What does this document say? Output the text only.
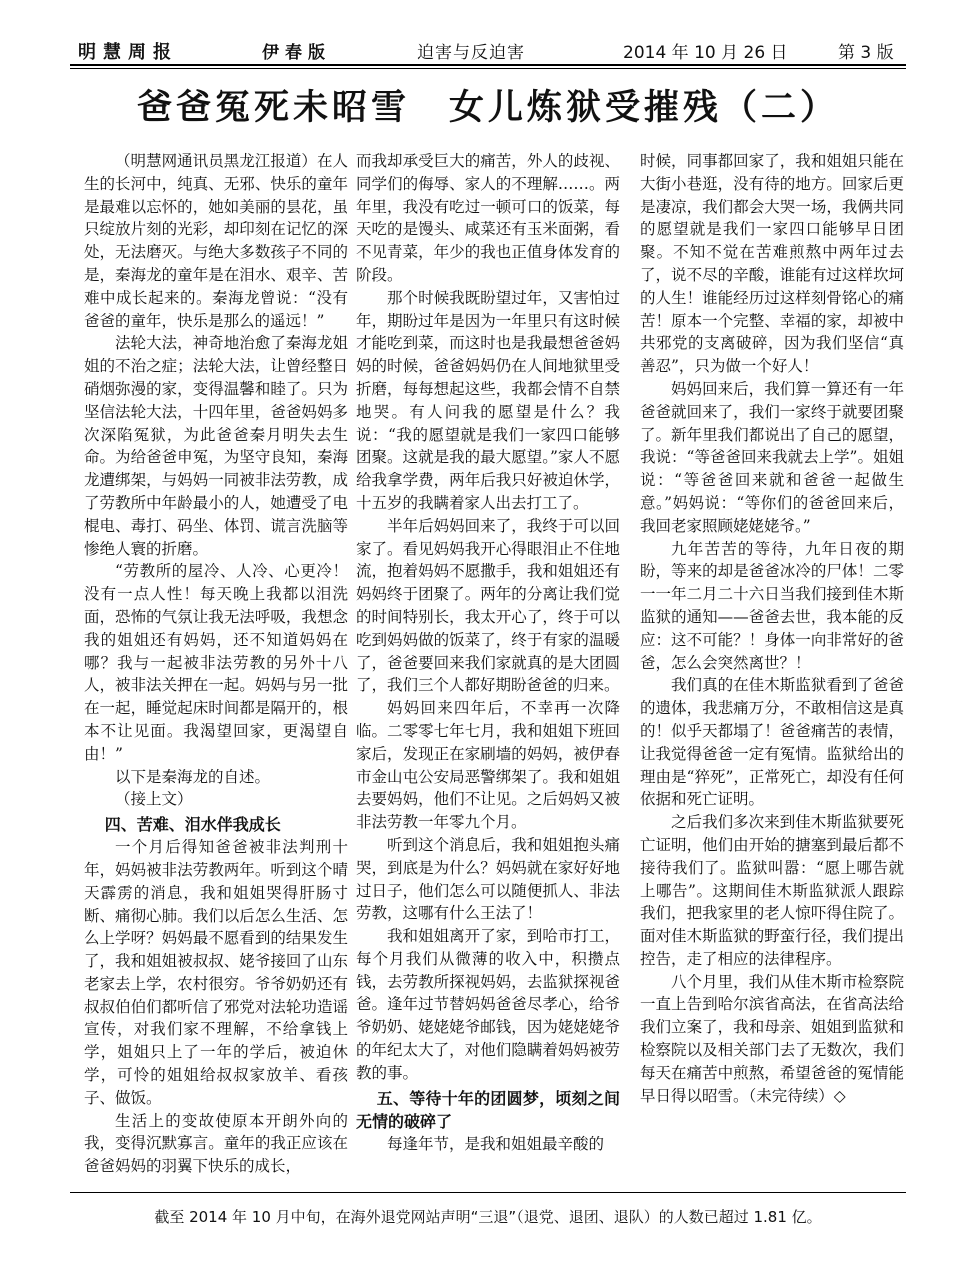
明慧周报	伊春版	迫害与反迫害	2014 年 10 月 26 日	第 3 版
爸爸冤死未昭雪　女儿炼狱受摧残（二）

（明慧网通讯员黑龙江报道）在人生的长河中，纯真、无邪、快乐的童年是最难以忘怀的，她如美丽的昙花，虽只绽放片刻的光彩，却印刻在记忆的深处，无法磨灭。与绝大多数孩子不同的是，秦海龙的童年是在泪水、艰辛、苦难中成长起来的。秦海龙曾说：“没有爸爸的童年，快乐是那么的遥远！”

法轮大法，神奇地治愈了秦海龙姐姐的不治之症；法轮大法，让曾经整日硝烟弥漫的家，变得温馨和睦了。只为坚信法轮大法，十四年里，爸爸妈妈多次深陷冤狱，为此爸爸秦月明失去生命。为给爸爸申冤，为坚守良知，秦海龙遭绑架，与妈妈一同被非法劳教，成了劳教所中年龄最小的人，她遭受了电棍电、毒打、码坐、体罚、谎言洗脑等惨绝人寰的折磨。

“劳教所的屋冷、人冷、心更冷！没有一点人性！每天晚上我都以泪洗面，恐怖的气氛让我无法呼吸，我想念我的姐姐还有妈妈，还不知道妈妈在哪？我与一起被非法劳教的另外十八人，被非法关押在一起。妈妈与另一批在一起，睡觉起床时间都是隔开的，根本不让见面。我渴望回家，更渴望自由！”

以下是秦海龙的自述。

（接上文）

四、苦难、泪水伴我成长

一个月后得知爸爸被非法判刑十年，妈妈被非法劳教两年。听到这个晴天霹雳的消息，我和姐姐哭得肝肠寸断、痛彻心肺。我们以后怎么生活、怎么上学呀？妈妈最不愿看到的结果发生了，我和姐姐被叔叔、姥爷接回了山东老家去上学，农村很穷。爷爷奶奶还有叔叔伯伯们都听信了邪党对法轮功造谣宣传，对我们家不理解，不给拿钱上学，姐姐只上了一年的学后，被迫休学，可怜的姐姐给叔叔家放羊、看孩子、做饭。

生活上的变故使原本开朗外向的我，变得沉默寡言。童年的我正应该在爸爸妈妈的羽翼下快乐的成长，

而我却承受巨大的痛苦，外人的歧视、同学们的侮辱、家人的不理解……。两年里，我没有吃过一顿可口的饭菜，每天吃的是馒头、咸菜还有玉米面粥，看不见青菜，年少的我也正值身体发育的阶段。

那个时候我既盼望过年，又害怕过年，期盼过年是因为一年里只有这时候才能吃到菜，而这时也是我最想爸爸妈妈的时候，爸爸妈妈仍在人间地狱里受折磨，每每想起这些，我都会情不自禁地哭。有人问我的愿望是什么？我说：“我的愿望就是我们一家四口能够团聚。这就是我的最大愿望。”家人不愿给我拿学费，两年后我只好被迫休学，十五岁的我瞒着家人出去打工了。

半年后妈妈回来了，我终于可以回家了。看见妈妈我开心得眼泪止不住地流，抱着妈妈不愿撒手，我和姐姐还有妈妈终于团聚了。两年的分离让我们觉的时间特别长，我太开心了，终于可以吃到妈妈做的饭菜了，终于有家的温暖了，爸爸要回来我们家就真的是大团圆了，我们三个人都好期盼爸爸的归来。

妈妈回来四年后，不幸再一次降临。二零零七年七月，我和姐姐下班回家后，发现正在家刷墙的妈妈，被伊春市金山屯公安局恶警绑架了。我和姐姐去要妈妈，他们不让见。之后妈妈又被非法劳教一年零九个月。

听到这个消息后，我和姐姐抱头痛哭，到底是为什么？妈妈就在家好好地过日子，他们怎么可以随便抓人、非法劳教，这哪有什么王法了！

我和姐姐离开了家，到哈市打工，每个月我们从微薄的收入中，积攒点钱，去劳教所探视妈妈，去监狱探视爸爸。逢年过节替妈妈爸爸尽孝心，给爷爷奶奶、姥姥姥爷邮钱，因为姥姥姥爷的年纪太大了，对他们隐瞒着妈妈被劳教的事。

五、等待十年的团圆梦，顷刻之间无情的破碎了

每逢年节，是我和姐姐最辛酸的

时候，同事都回家了，我和姐姐只能在大街小巷逛，没有待的地方。回家后更是凄凉，我们都会大哭一场，我俩共同的愿望就是我们一家四口能够早日团聚。不知不觉在苦难煎熬中两年过去了，说不尽的辛酸，谁能有过这样坎坷的人生！谁能经历过这样刻骨铭心的痛苦！原本一个完整、幸福的家，却被中共邪党的支离破碎，因为我们坚信“真善忍”，只为做一个好人！

妈妈回来后，我们算一算还有一年爸爸就回来了，我们一家终于就要团聚了。新年里我们都说出了自己的愿望，我说：“等爸爸回来我就去上学”。姐姐说：“等爸爸回来就和爸爸一起做生意。”妈妈说：“等你们的爸爸回来后，我回老家照顾姥姥姥爷。”

九年苦苦的等待，九年日夜的期盼，等来的却是爸爸冰冷的尸体！二零一一年二月二十六日当我们接到佳木斯监狱的通知——爸爸去世，我本能的反应：这不可能？！身体一向非常好的爸爸，怎么会突然离世？！

我们真的在佳木斯监狱看到了爸爸的遗体，我悲痛万分，不敢相信这是真的！似乎天都塌了！爸爸痛苦的表情，让我觉得爸爸一定有冤情。监狱给出的理由是“猝死”，正常死亡，却没有任何依据和死亡证明。

之后我们多次来到佳木斯监狱要死亡证明，他们由开始的搪塞到最后都不接待我们了。监狱叫嚣：“愿上哪告就上哪告”。这期间佳木斯监狱派人跟踪我们，把我家里的老人惊吓得住院了。面对佳木斯监狱的野蛮行径，我们提出控告，走了相应的法律程序。

八个月里，我们从佳木斯市检察院一直上告到哈尔滨省高法，在省高法给我们立案了，我和母亲、姐姐到监狱和检察院以及相关部门去了无数次，我们每天在痛苦中煎熬，希望爸爸的冤情能早日得以昭雪。（未完待续）◇

截至 2014 年 10 月中旬，在海外退党网站声明“三退”（退党、退团、退队）的人数已超过 1.81 亿。
